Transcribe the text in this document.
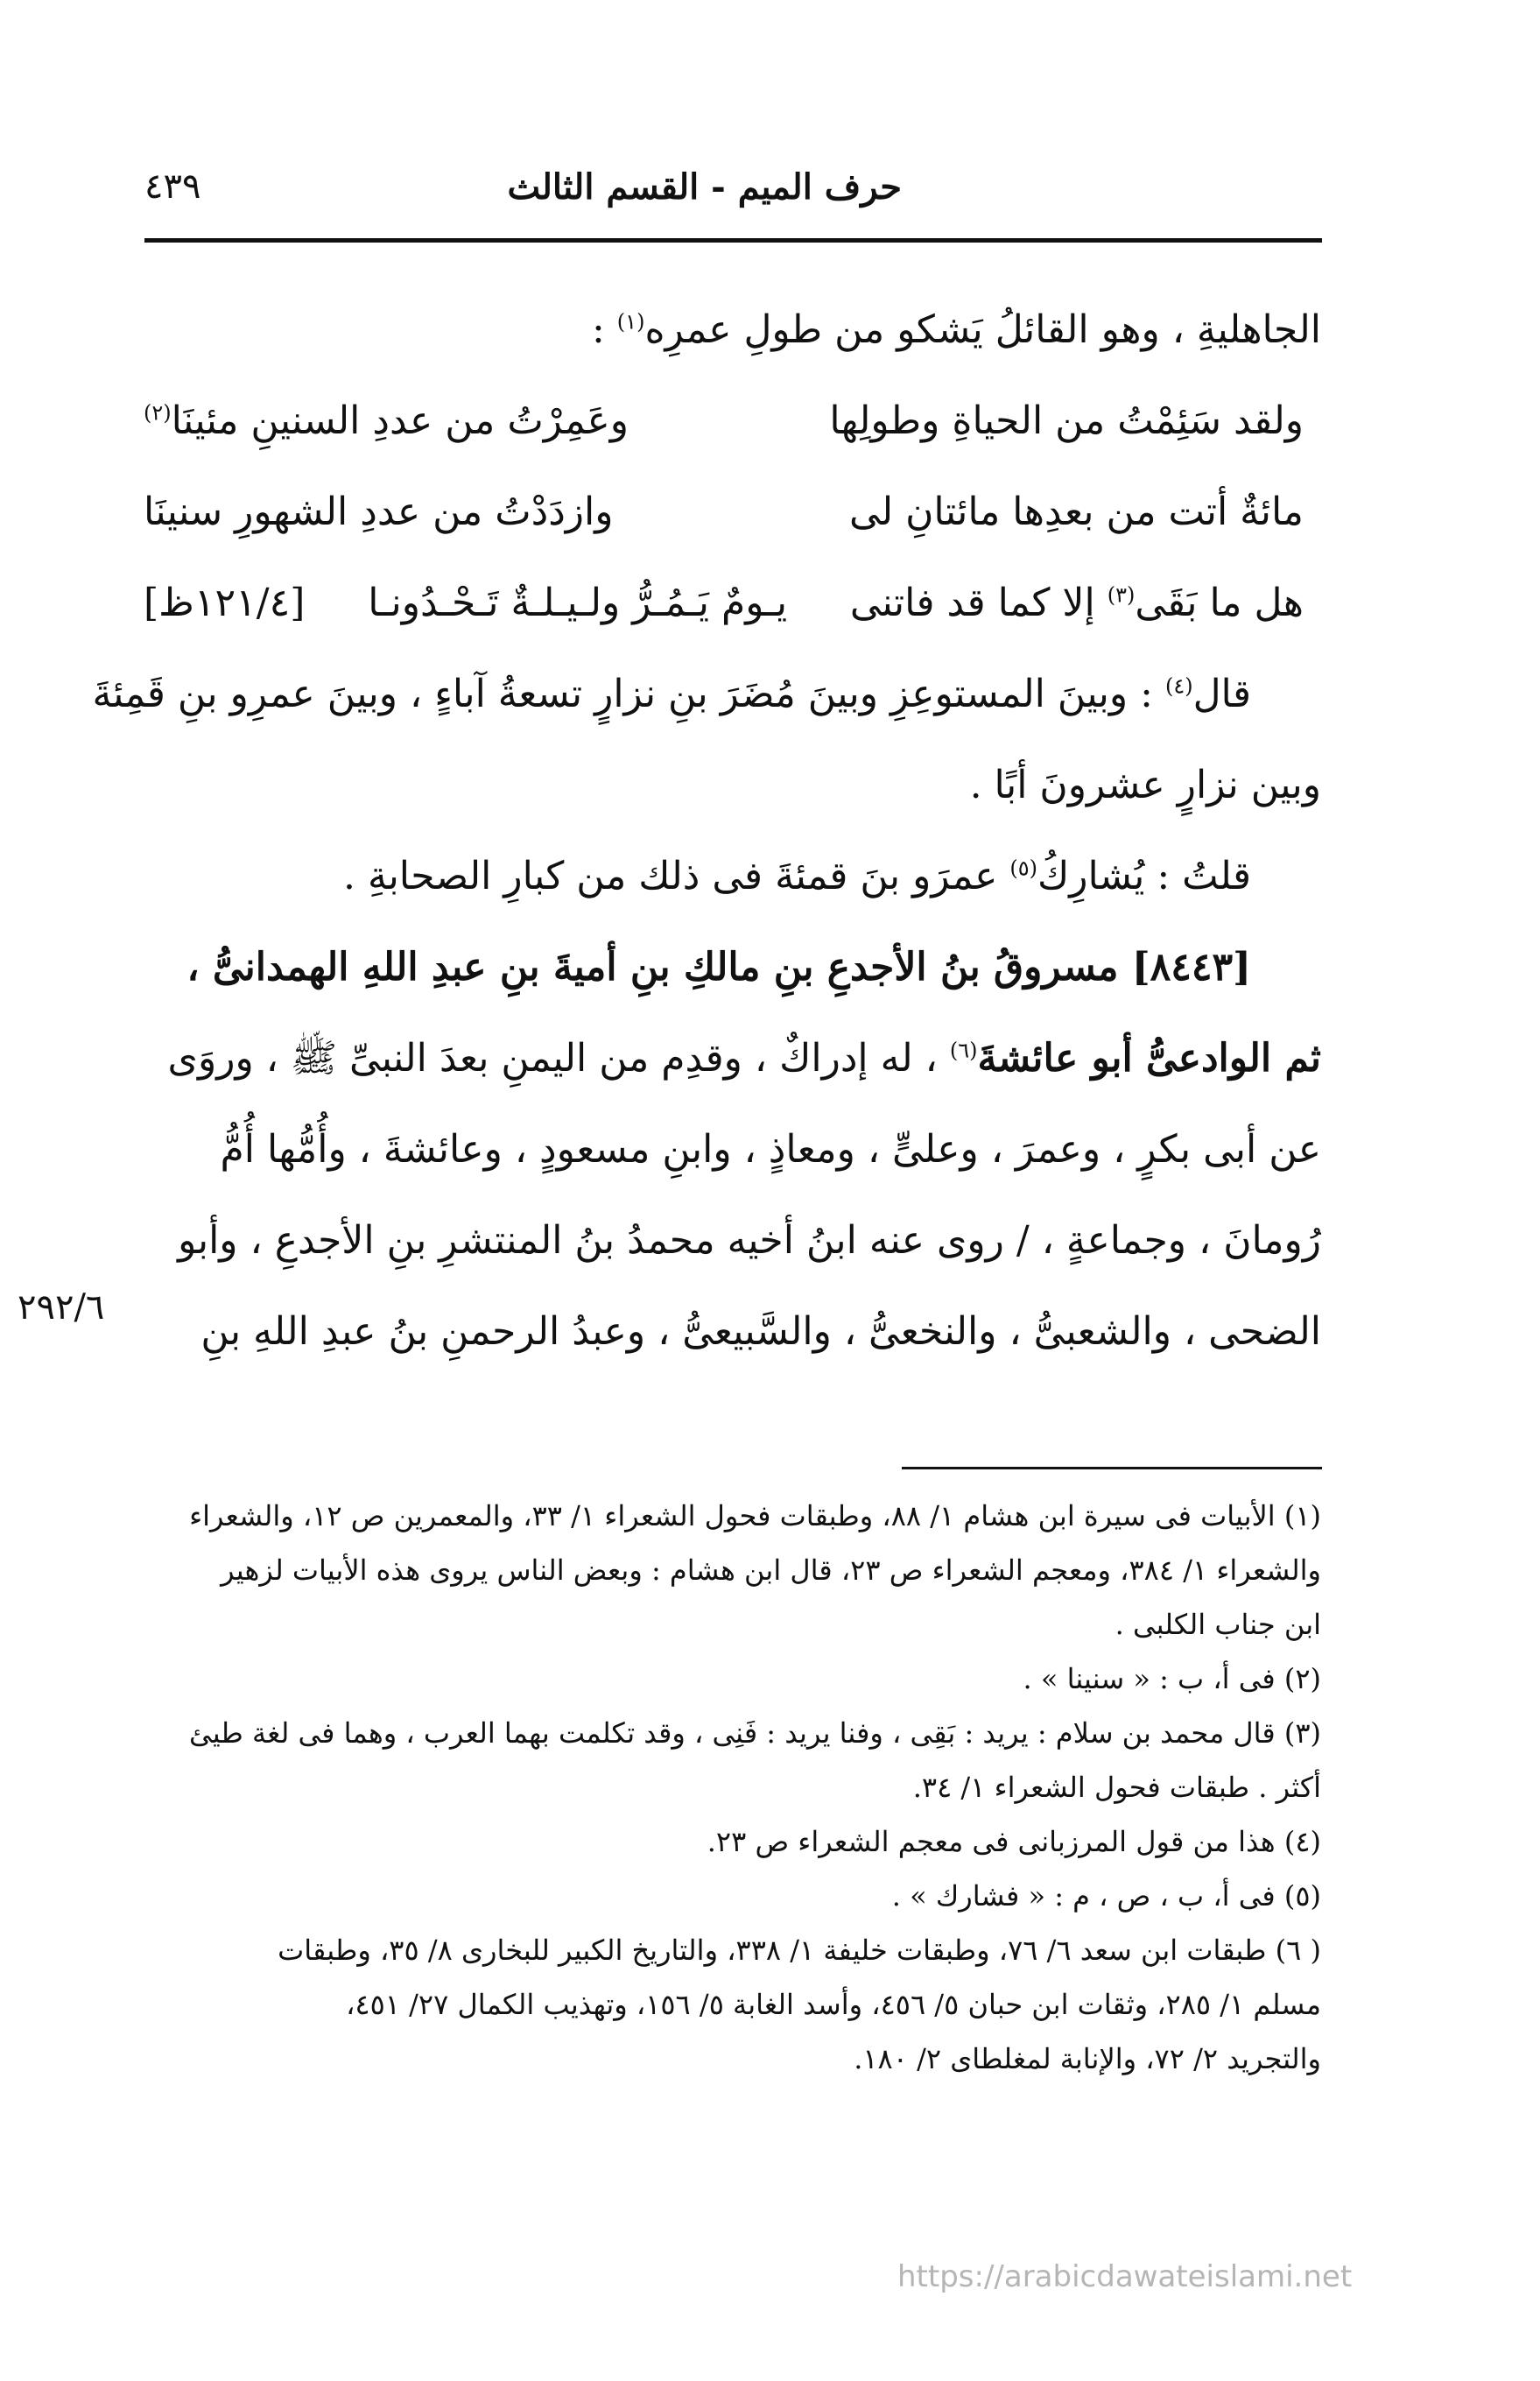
حرف الميم - القسم الثالث
٤٣٩
الجاهليةِ ، وهو القائلُ يَشكو من طولِ عمرِه$^{(١)}$ :
ولقد سَئِمْتُ من الحياةِ وطولِها
وعَمِرْتُ من عددِ السنينِ مئينَا$^{(٢)}$
مائةٌ أتت من بعدِها مائتانِ لى
وازدَدْتُ من عددِ الشهورِ سنينَا
هل ما بَقَى$^{(٣)}$ إلا كما قد فاتنى
يـومٌ يَـمُـرُّ ولـيـلـةٌ تَـحْـدُونـا
[١٢١/٤ظ]
قال$^{(٤)}$ : وبينَ المستوعِزِ وبينَ مُضَرَ بنِ نزارٍ تسعةُ آباءٍ ، وبينَ عمرِو بنِ قَمِئةَ
وبين نزارٍ عشرونَ أبًا .
قلتُ : يُشارِكُ$^{(٥)}$ عمرَو بنَ قمئةَ فى ذلك من كبارِ الصحابةِ .
[٨٤٤٣] مسروقُ بنُ الأجدعِ بنِ مالكِ بنِ أميةَ بنِ عبدِ اللهِ الهمدانىُّ ،
ثم الوادعىُّ أبو عائشةَ$^{(٦)}$ ، له إدراكٌ ، وقدِم من اليمنِ بعدَ النبىِّ ﷺ ، وروَى
عن أبى بكرٍ ، وعمرَ ، وعلىٍّ ، ومعاذٍ ، وابنِ مسعودٍ ، وعائشةَ ، وأُمُّها أُمُّ
رُومانَ ، وجماعةٍ ، / روى عنه ابنُ أخيه محمدُ بنُ المنتشرِ بنِ الأجدعِ ، وأبو
الضحى ، والشعبىُّ ، والنخعىُّ ، والسَّبيعىُّ ، وعبدُ الرحمنِ بنُ عبدِ اللهِ بنِ
٢٩٢/٦
(١) الأبيات فى سيرة ابن هشام ١/ ٨٨، وطبقات فحول الشعراء ١/ ٣٣، والمعمرين ص ١٢، والشعراء
والشعراء ١/ ٣٨٤، ومعجم الشعراء ص ٢٣، قال ابن هشام : وبعض الناس يروى هذه الأبيات لزهير
ابن جناب الكلبى .
(٢) فى أ، ب : « سنينا » .
(٣) قال محمد بن سلام : يريد : بَقِى ، وفنا يريد : فَنِى ، وقد تكلمت بهما العرب ، وهما فى لغة طيئ
أكثر . طبقات فحول الشعراء ١/ ٣٤.
(٤) هذا من قول المرزبانى فى معجم الشعراء ص ٢٣.
(٥) فى أ، ب ، ص ، م : « فشارك » .
( ٦) طبقات ابن سعد ٦/ ٧٦، وطبقات خليفة ١/ ٣٣٨، والتاريخ الكبير للبخارى ٨/ ٣٥، وطبقات
مسلم ١/ ٢٨٥، وثقات ابن حبان ٥/ ٤٥٦، وأسد الغابة ٥/ ١٥٦، وتهذيب الكمال ٢٧/ ٤٥١،
والتجريد ٢/ ٧٢، والإنابة لمغلطاى ٢/ ١٨٠.
https://arabicdawateislami.net
